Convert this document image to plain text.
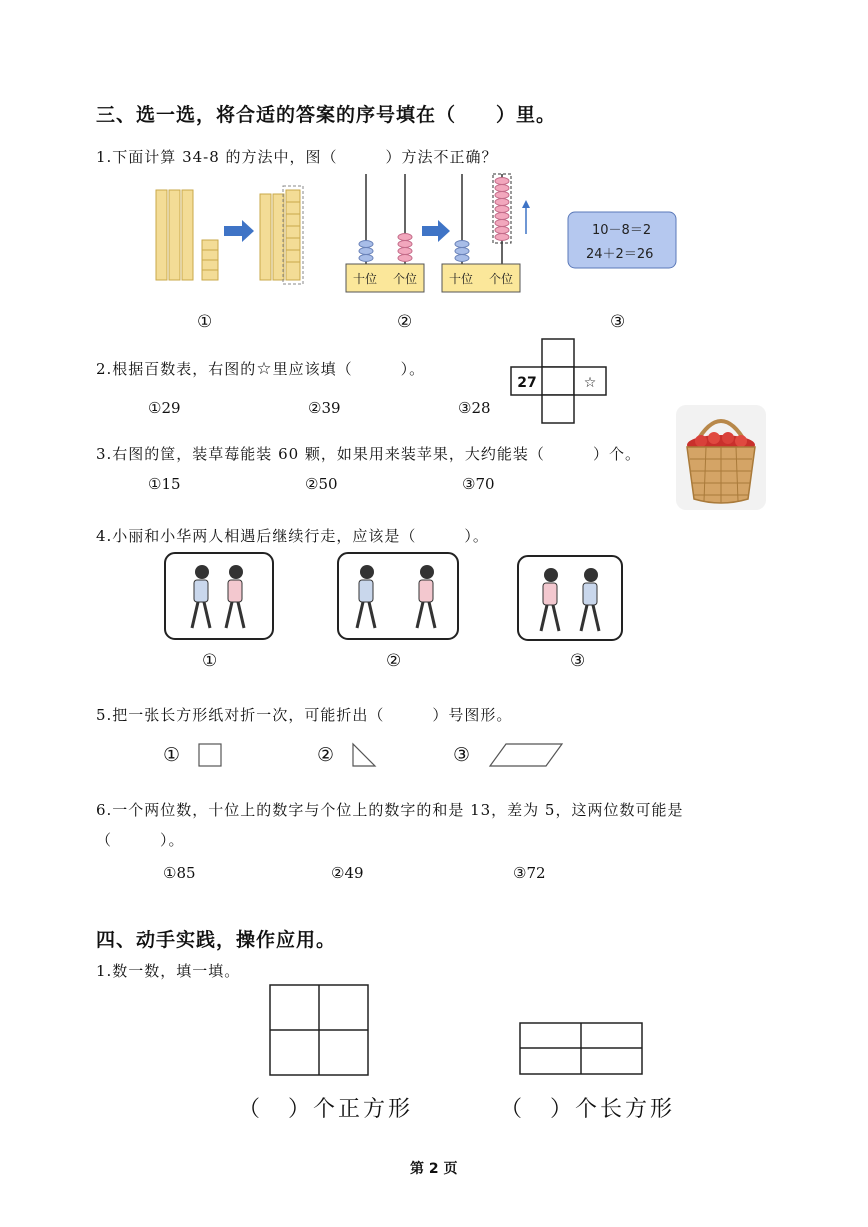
三、选一选，将合适的答案的序号填在（　　）里。
1.下面计算 34-8 的方法中，图（　　　）方法不正确？
十位 个位	十位 个位
10－8＝2
24＋2＝26
①	②	③
2.根据百数表，右图的☆里应该填（　　　）。
27	☆
①29	②39	③28
3.右图的筐，装草莓能装 60 颗，如果用来装苹果，大约能装（　　　）个。
①15	②50	③70
4.小丽和小华两人相遇后继续行走，应该是（　　　）。
①	②	③
5.把一张长方形纸对折一次，可能折出（　　　）号图形。
①	②	③
6.一个两位数，十位上的数字与个位上的数字的和是 13，差为 5，这两位数可能是
（　　　）。
①85	②49	③72
四、动手实践，操作应用。
1.数一数，填一填。
（　）个正方形	（　）个长方形
第 2 页
